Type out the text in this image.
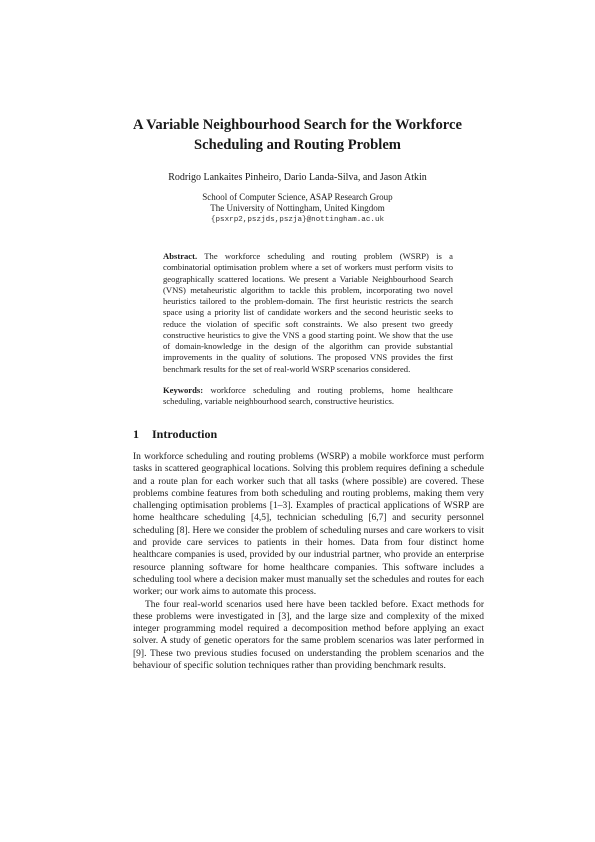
A Variable Neighbourhood Search for the Workforce Scheduling and Routing Problem
Rodrigo Lankaites Pinheiro, Dario Landa-Silva, and Jason Atkin
School of Computer Science, ASAP Research Group
The University of Nottingham, United Kingdom
{psxrp2,pszjds,pszja}@nottingham.ac.uk
Abstract. The workforce scheduling and routing problem (WSRP) is a combinatorial optimisation problem where a set of workers must perform visits to geographically scattered locations. We present a Variable Neighbourhood Search (VNS) metaheuristic algorithm to tackle this problem, incorporating two novel heuristics tailored to the problem-domain. The first heuristic restricts the search space using a priority list of candidate workers and the second heuristic seeks to reduce the violation of specific soft constraints. We also present two greedy constructive heuristics to give the VNS a good starting point. We show that the use of domain-knowledge in the design of the algorithm can provide substantial improvements in the quality of solutions. The proposed VNS provides the first benchmark results for the set of real-world WSRP scenarios considered.
Keywords: workforce scheduling and routing problems, home healthcare scheduling, variable neighbourhood search, constructive heuristics.
1 Introduction

In workforce scheduling and routing problems (WSRP) a mobile workforce must perform tasks in scattered geographical locations. Solving this problem requires defining a schedule and a route plan for each worker such that all tasks (where possible) are covered. These problems combine features from both scheduling and routing problems, making them very challenging optimisation problems [1–3]. Examples of practical applications of WSRP are home healthcare scheduling [4,5], technician scheduling [6,7] and security personnel scheduling [8]. Here we consider the problem of scheduling nurses and care workers to visit and provide care services to patients in their homes. Data from four distinct home healthcare companies is used, provided by our industrial partner, who provide an enterprise resource planning software for home healthcare companies. This software includes a scheduling tool where a decision maker must manually set the schedules and routes for each worker; our work aims to automate this process.

The four real-world scenarios used here have been tackled before. Exact methods for these problems were investigated in [3], and the large size and complexity of the mixed integer programming model required a decomposition method before applying an exact solver. A study of genetic operators for the same problem scenarios was later performed in [9]. These two previous studies focused on understanding the problem scenarios and the behaviour of specific solution techniques rather than providing benchmark results.
